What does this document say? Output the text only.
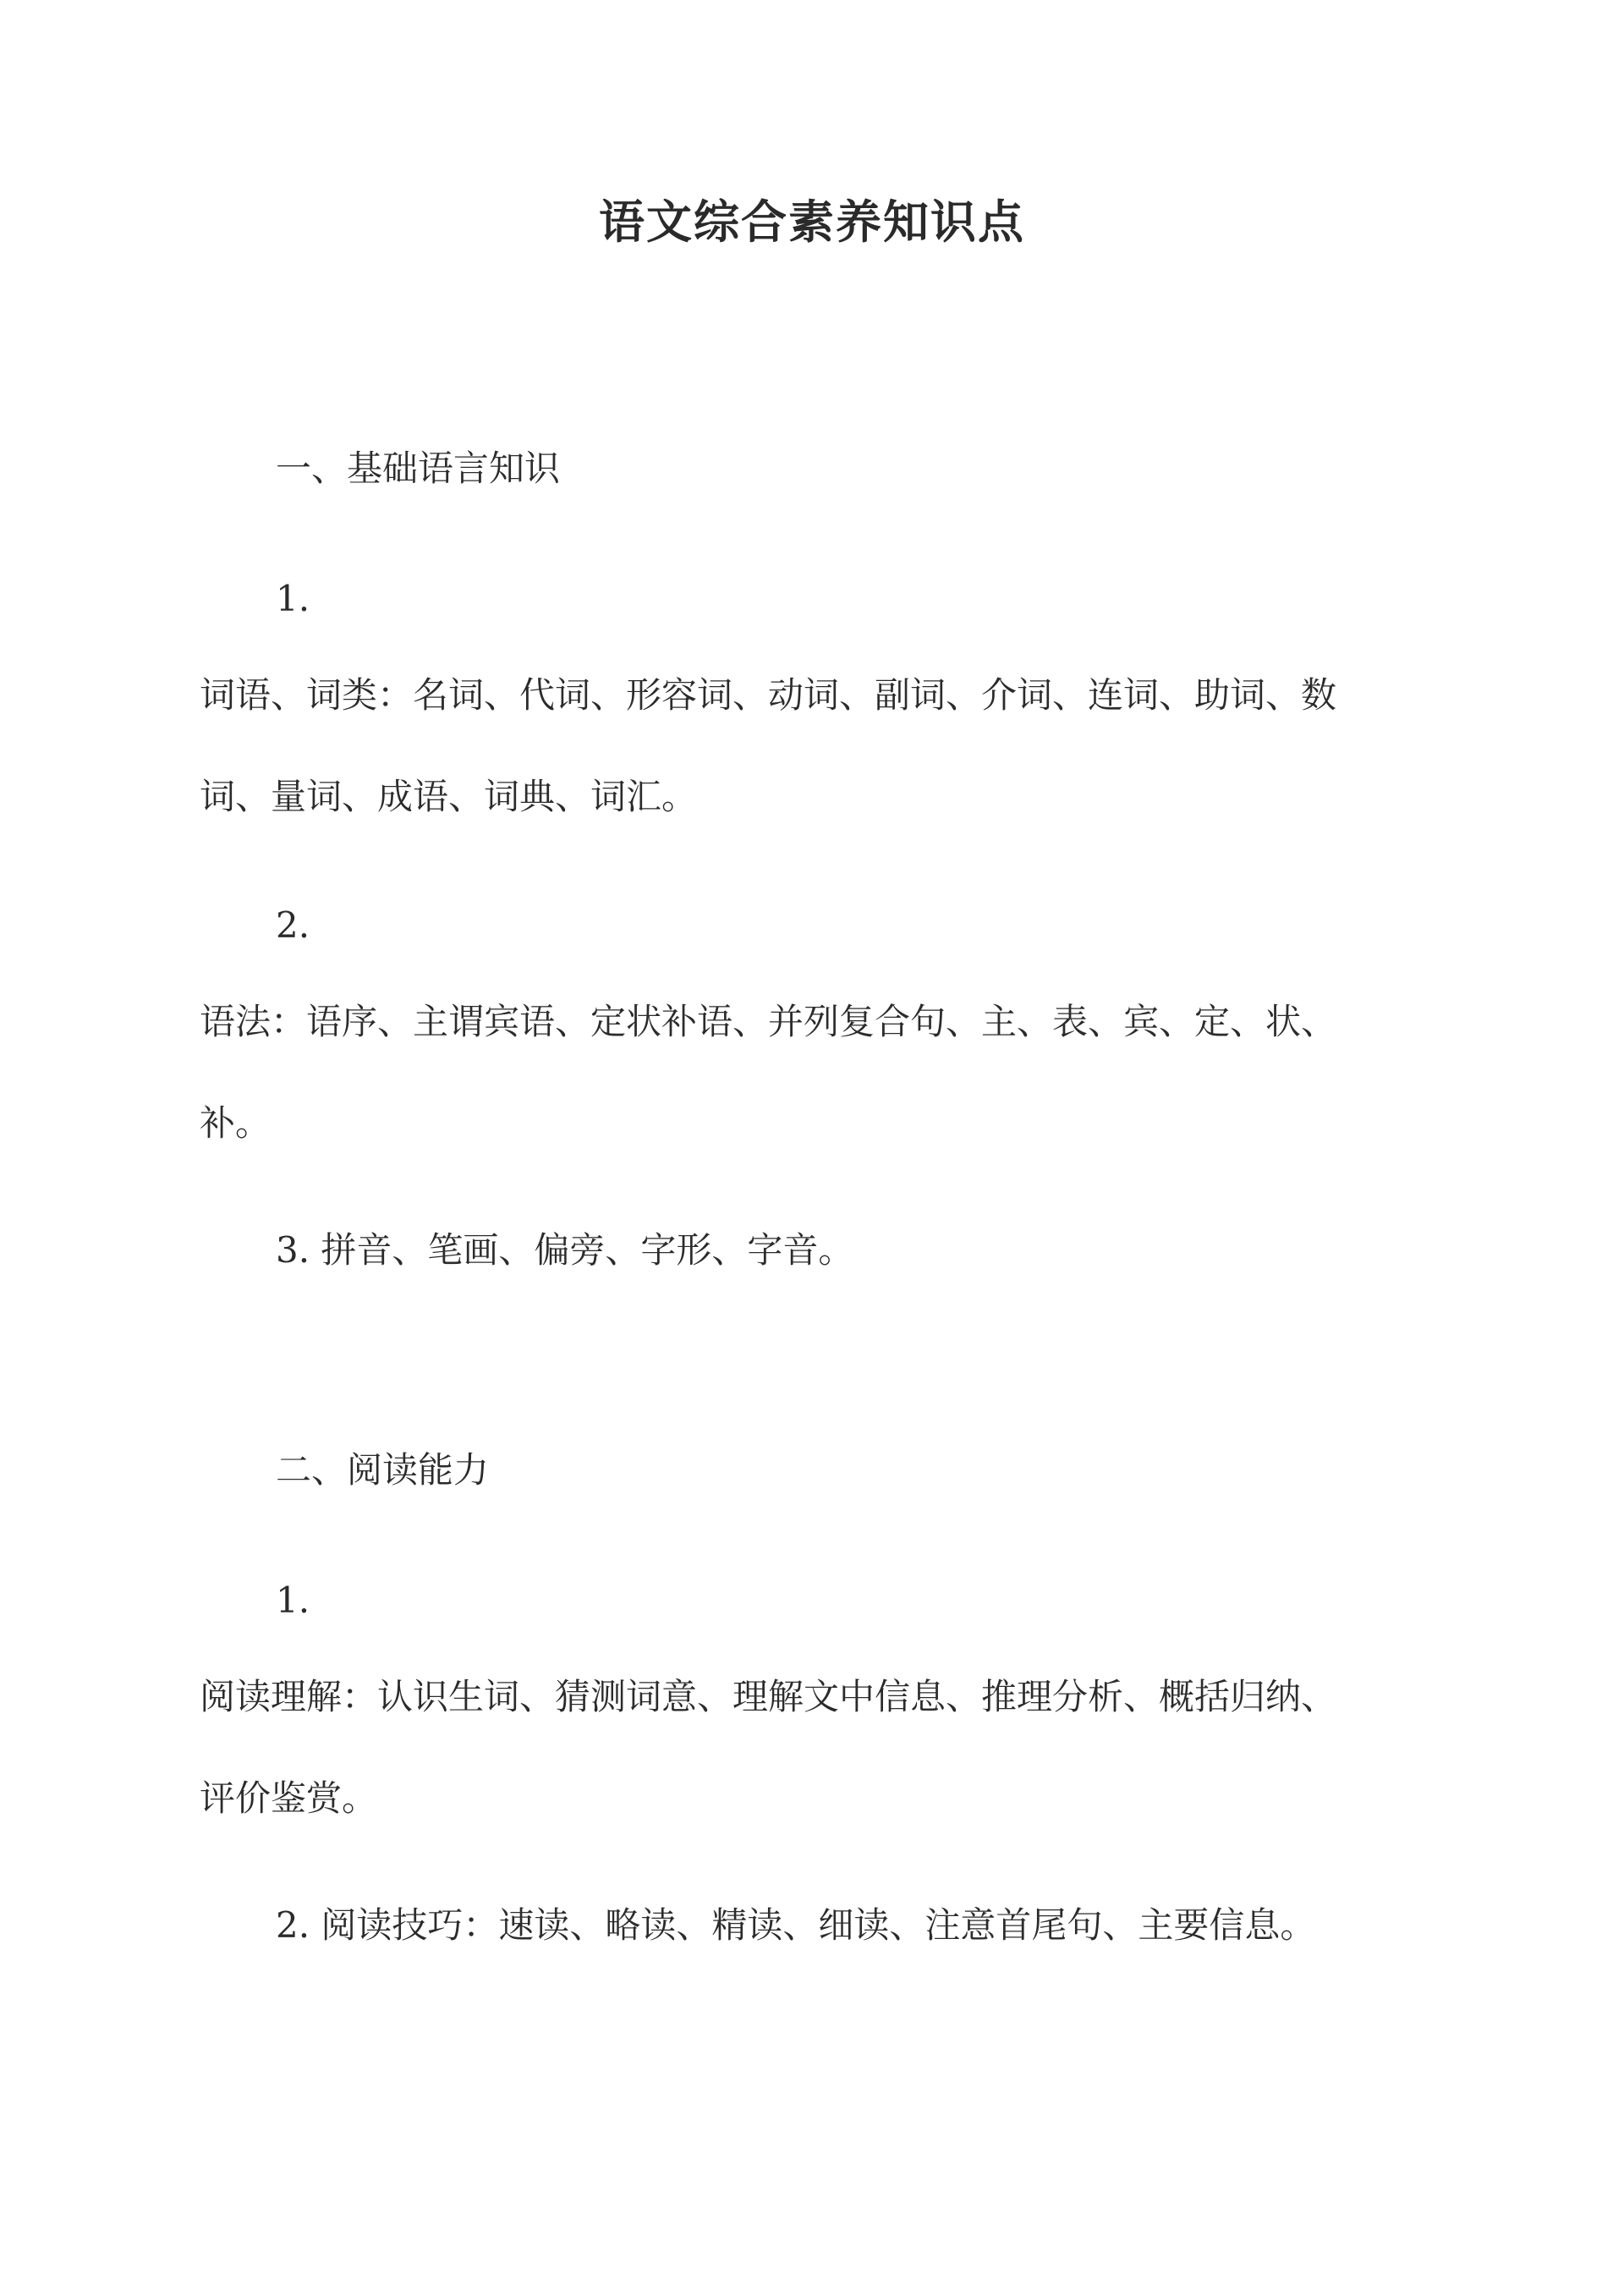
语文综合素养知识点
一、基础语言知识
1.
词语、词类：名词、代词、形容词、动词、副词、介词、连词、助词、数
词、量词、成语、词典、词汇。
2.
语法：语序、主谓宾语、定状补语、并列复合句、主、表、宾、定、状、
补。
3. 拼音、笔画、偏旁、字形、字音。
二、阅读能力
1.
阅读理解：认识生词、猜测词意、理解文中信息、推理分析、概括归纳、
评价鉴赏。
2. 阅读技巧：速读、略读、精读、细读、注意首尾句、主要信息。
